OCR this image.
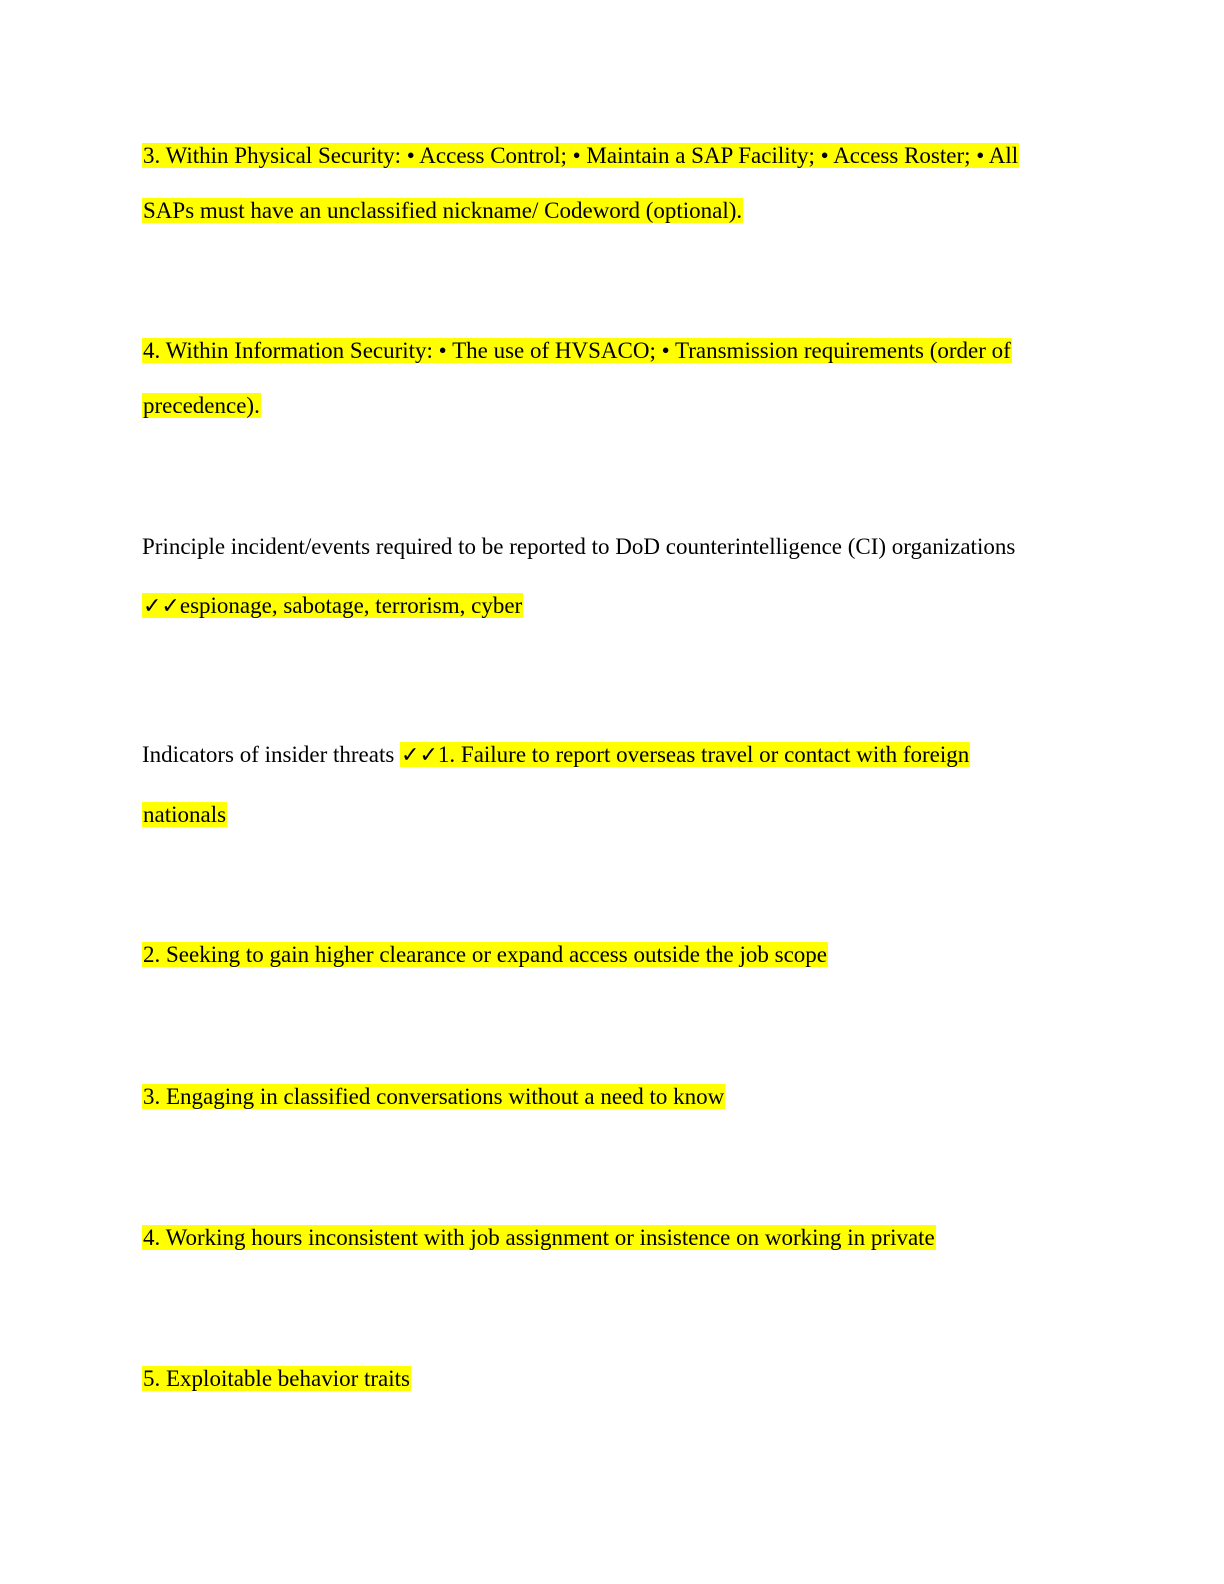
3. Within Physical Security: • Access Control; • Maintain a SAP Facility; • Access Roster; • All
SAPs must have an unclassified nickname/ Codeword (optional).
4. Within Information Security: • The use of HVSACO; • Transmission requirements (order of
precedence).
Principle incident/events required to be reported to DoD counterintelligence (CI) organizations
✓✓espionage, sabotage, terrorism, cyber
Indicators of insider threats ✓✓1. Failure to report overseas travel or contact with foreign
nationals
2. Seeking to gain higher clearance or expand access outside the job scope
3. Engaging in classified conversations without a need to know
4. Working hours inconsistent with job assignment or insistence on working in private
5. Exploitable behavior traits
